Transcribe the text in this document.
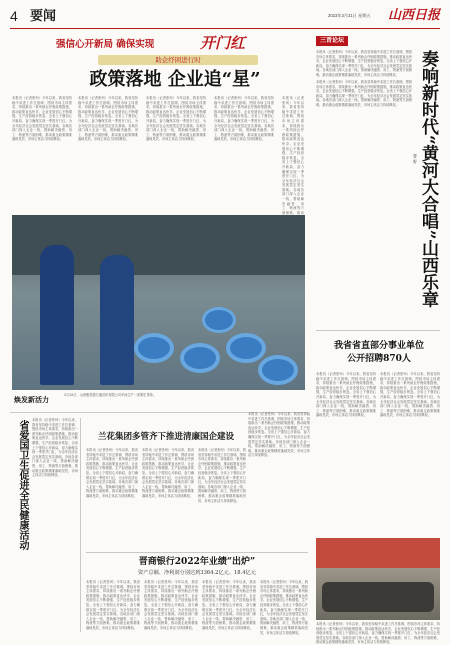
4 要闻	2023年3月31日 星期五 山西日报
强信心开新局 确保实现	开门红
助企纾困进行时
政策落地 企业追“星”
本报讯（记者张珂）今年以来，我省坚持稳中求进工作总基调，围绕市场主体需求，持续推出一系列助企纾困政策措施，推动政策直达快享，企业发展信心不断增强，生产经营稳步恢复。全省上下强信心开新局，奋力确保实现一季度开门红，为全年经济社会发展奠定坚实基础。各地各部门深入企业一线，帮助解决融资、用工、物流等方面困难，推动惠企政策精准落地见效，市场主体活力持续释放。
本报讯（记者张珂）今年以来，我省坚持稳中求进工作总基调，围绕市场主体需求，持续推出一系列助企纾困政策措施，推动政策直达快享，企业发展信心不断增强，生产经营稳步恢复。全省上下强信心开新局，奋力确保实现一季度开门红，为全年经济社会发展奠定坚实基础。各地各部门深入企业一线，帮助解决融资、用工、物流等方面困难，推动惠企政策精准落地见效，市场主体活力持续释放。
本报讯（记者张珂）今年以来，我省坚持稳中求进工作总基调，围绕市场主体需求，持续推出一系列助企纾困政策措施，推动政策直达快享，企业发展信心不断增强，生产经营稳步恢复。全省上下强信心开新局，奋力确保实现一季度开门红，为全年经济社会发展奠定坚实基础。各地各部门深入企业一线，帮助解决融资、用工、物流等方面困难，推动惠企政策精准落地见效，市场主体活力持续释放。
本报讯（记者张珂）今年以来，我省坚持稳中求进工作总基调，围绕市场主体需求，持续推出一系列助企纾困政策措施，推动政策直达快享，企业发展信心不断增强，生产经营稳步恢复。全省上下强信心开新局，奋力确保实现一季度开门红，为全年经济社会发展奠定坚实基础。各地各部门深入企业一线，帮助解决融资、用工、物流等方面困难，推动惠企政策精准落地见效，市场主体活力持续释放。
本报讯（记者张珂）今年以来，我省坚持稳中求进工作总基调，围绕市场主体需求，持续推出一系列助企纾困政策措施，推动政策直达快享，企业发展信心不断增强，生产经营稳步恢复。全省上下强信心开新局，奋力确保实现一季度开门红，为全年经济社会发展奠定坚实基础。各地各部门深入企业一线，帮助解决融资、用工、物流等方面困难，推动
焕发新活力	3月28日，山西雅美德万通纺织有限公司车间生产一派繁忙景象。
三晋论坛
本报讯（记者张珂）今年以来，我省坚持稳中求进工作总基调，围绕市场主体需求，持续推出一系列助企纾困政策措施，推动政策直达快享，企业发展信心不断增强，生产经营稳步恢复。全省上下强信心开新局，奋力确保实现一季度开门红，为全年经济社会发展奠定坚实基础。各地各部门深入企业一线，帮助解决融资、用工、物流等方面困难，推动惠企政策精准落地见效，市场主体活力持续释放。
本报讯（记者张珂）今年以来，我省坚持稳中求进工作总基调，围绕市场主体需求，持续推出一系列助企纾困政策措施，推动政策直达快享，企业发展信心不断增强，生产经营稳步恢复。全省上下强信心开新局，奋力确保实现一季度开门红，为全年经济社会发展奠定坚实基础。各地各部门深入企业一线，帮助解决融资、用工、物流等方面困难，推动惠企政策精准落地见效，市场主体活力持续释放。	奏响新时代“黄河大合唱”山西乐章
曹 野
我省省直部分事业单位
公开招聘870人
本报讯（记者张珂）今年以来，我省坚持稳中求进工作总基调，围绕市场主体需求，持续推出一系列助企纾困政策措施，推动政策直达快享，企业发展信心不断增强，生产经营稳步恢复。全省上下强信心开新局，奋力确保实现一季度开门红，为全年经济社会发展奠定坚实基础。各地各部门深入企业一线，帮助解决融资、用工、物流等方面困难，推动惠企政策精准落地见效，市场主体活力持续释放。
本报讯（记者张珂）今年以来，我省坚持稳中求进工作总基调，围绕市场主体需求，持续推出一系列助企纾困政策措施，推动政策直达快享，企业发展信心不断增强，生产经营稳步恢复。全省上下强信心开新局，奋力确保实现一季度开门红，为全年经济社会发展奠定坚实基础。各地各部门深入企业一线，帮助解决融资、用工、物流等方面困难，推动惠企政策精准落地见效，市场主体活力持续释放。
本报讯（记者张珂）今年以来，我省坚持稳中求进工作总基调，围绕市场主体需求，持续推出一系列助企纾困政策措施，推动政策直达快享，企业发展信心不断增强，生产经营稳步恢复。全省上下强信心开新局，奋力确保实现一季度开门红，为全年经济社会发展奠定坚实基础。各地各部门深入企业一线，帮助解决融资、用工、物流等方面困难，推动惠企政策精准落地见效，市场主体活力持续释放。
省爱国卫生促进全民健康活动 本报讯（记者张珂）今年以来，我省坚持稳中求进工作总基调，围绕市场主体需求，持续推出一系列助企纾困政策措施，推动政策直达快享，企业发展信心不断增强，生产经营稳步恢复。全省上下强信心开新局，奋力确保实现一季度开门红，为全年经济社会发展奠定坚实基础。各地各部门深入企业一线，帮助解决融资、用工、物流等方面困难，推动惠企政策精准落地见效，市场主体活力持续释放。
兰花集团多管齐下推进清廉国企建设
本报讯（记者张珂）今年以来，我省坚持稳中求进工作总基调，围绕市场主体需求，持续推出一系列助企纾困政策措施，推动政策直达快享，企业发展信心不断增强，生产经营稳步恢复。全省上下强信心开新局，奋力确保实现一季度开门红，为全年经济社会发展奠定坚实基础。各地各部门深入企业一线，帮助解决融资、用工、物流等方面困难，推动惠企政策精准落地见效，市场主体活力持续释放。
本报讯（记者张珂）今年以来，我省坚持稳中求进工作总基调，围绕市场主体需求，持续推出一系列助企纾困政策措施，推动政策直达快享，企业发展信心不断增强，生产经营稳步恢复。全省上下强信心开新局，奋力确保实现一季度开门红，为全年经济社会发展奠定坚实基础。各地各部门深入企业一线，帮助解决融资、用工、物流等方面困难，推动惠企政策精准落地见效，市场主体活力持续释放。
本报讯（记者张珂）今年以来，我省坚持稳中求进工作总基调，围绕市场主体需求，持续推出一系列助企纾困政策措施，推动政策直达快享，企业发展信心不断增强，生产经营稳步恢复。全省上下强信心开新局，奋力确保实现一季度开门红，为全年经济社会发展奠定坚实基础。各地各部门深入企业一线，帮助解决融资、用工、物流等方面困难，推动惠企政策精准落地见效，市场主体活力持续释放。
晋商银行2022年业绩“出炉”
资产总额、净利润分别达到3364.2亿元、18.4亿元
本报讯（记者张珂）今年以来，我省坚持稳中求进工作总基调，围绕市场主体需求，持续推出一系列助企纾困政策措施，推动政策直达快享，企业发展信心不断增强，生产经营稳步恢复。全省上下强信心开新局，奋力确保实现一季度开门红，为全年经济社会发展奠定坚实基础。各地各部门深入企业一线，帮助解决融资、用工、物流等方面困难，推动惠企政策精准落地见效，市场主体活力持续释放。
本报讯（记者张珂）今年以来，我省坚持稳中求进工作总基调，围绕市场主体需求，持续推出一系列助企纾困政策措施，推动政策直达快享，企业发展信心不断增强，生产经营稳步恢复。全省上下强信心开新局，奋力确保实现一季度开门红，为全年经济社会发展奠定坚实基础。各地各部门深入企业一线，帮助解决融资、用工、物流等方面困难，推动惠企政策精准落地见效，市场主体活力持续释放。
本报讯（记者张珂）今年以来，我省坚持稳中求进工作总基调，围绕市场主体需求，持续推出一系列助企纾困政策措施，推动政策直达快享，企业发展信心不断增强，生产经营稳步恢复。全省上下强信心开新局，奋力确保实现一季度开门红，为全年经济社会发展奠定坚实基础。各地各部门深入企业一线，帮助解决融资、用工、物流等方面困难，推动惠企政策精准落地见效，市场主体活力持续释放。
本报讯（记者张珂）今年以来，我省坚持稳中求进工作总基调，围绕市场主体需求，持续推出一系列助企纾困政策措施，推动政策直达快享，企业发展信心不断增强，生产经营稳步恢复。全省上下强信心开新局，奋力确保实现一季度开门红，为全年经济社会发展奠定坚实基础。各地各部门深入企业一线，帮助解决融资、用工、物流等方面困难，推动惠企政策精准落地见效，市场主体活力持续释放。
本报讯（记者张珂）今年以来，我省坚持稳中求进工作总基调，围绕市场主体需求，持续推出一系列助企纾困政策措施，推动政策直达快享，企业发展信心不断增强，生产经营稳步恢复。全省上下强信心开新局，奋力确保实现一季度开门红，为全年经济社会发展奠定坚实基础。各地各部门深入企业一线，帮助解决融资、用工、物流等方面困难，推动惠企政策精准落地见效，市场主体活力持续释放。
